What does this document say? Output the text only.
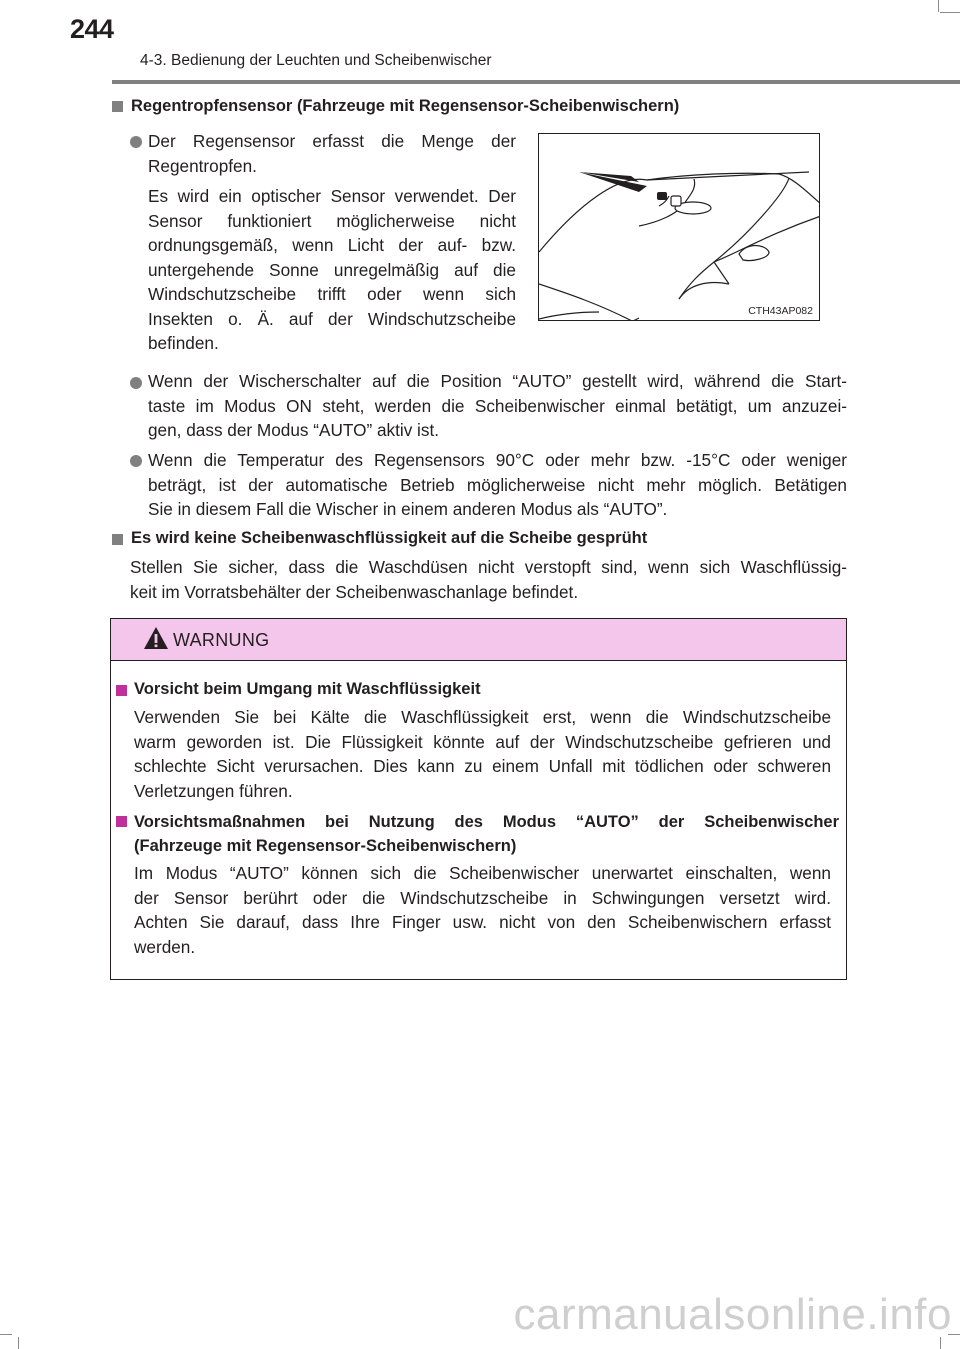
244
4-3. Bedienung der Leuchten und Scheibenwischer
Regentropfensensor (Fahrzeuge mit Regensensor-Scheibenwischern)

Der Regensensor erfasst die Menge der

Regentropfen.

Es wird ein optischer Sensor verwendet. Der

Sensor funktioniert möglicherweise nicht

ordnungsgemäß, wenn Licht der auf- bzw.

untergehende Sonne unregelmäßig auf die

Windschutzscheibe trifft oder wenn sich

Insekten o. Ä. auf der Windschutzscheibe

befinden.

CTH43AP082

Wenn der Wischerschalter auf die Position “AUTO” gestellt wird, während die Start-

taste im Modus ON steht, werden die Scheibenwischer einmal betätigt, um anzuzei-

gen, dass der Modus “AUTO” aktiv ist.

Wenn die Temperatur des Regensensors 90°C oder mehr bzw. -15°C oder weniger

beträgt, ist der automatische Betrieb möglicherweise nicht mehr möglich. Betätigen

Sie in diesem Fall die Wischer in einem anderen Modus als “AUTO”.

Es wird keine Scheibenwaschflüssigkeit auf die Scheibe gesprüht

Stellen Sie sicher, dass die Waschdüsen nicht verstopft sind, wenn sich Waschflüssig-

keit im Vorratsbehälter der Scheibenwaschanlage befindet.

WARNUNG
Vorsicht beim Umgang mit Waschflüssigkeit

Verwenden Sie bei Kälte die Waschflüssigkeit erst, wenn die Windschutzscheibe

warm geworden ist. Die Flüssigkeit könnte auf der Windschutzscheibe gefrieren und

schlechte Sicht verursachen. Dies kann zu einem Unfall mit tödlichen oder schweren

Verletzungen führen.

Vorsichtsmaßnahmen bei Nutzung des Modus “AUTO” der Scheibenwischer
(Fahrzeuge mit Regensensor-Scheibenwischern)

Im Modus “AUTO” können sich die Scheibenwischer unerwartet einschalten, wenn

der Sensor berührt oder die Windschutzscheibe in Schwingungen versetzt wird.

Achten Sie darauf, dass Ihre Finger usw. nicht von den Scheibenwischern erfasst

werden.

carmanualsonline.info
